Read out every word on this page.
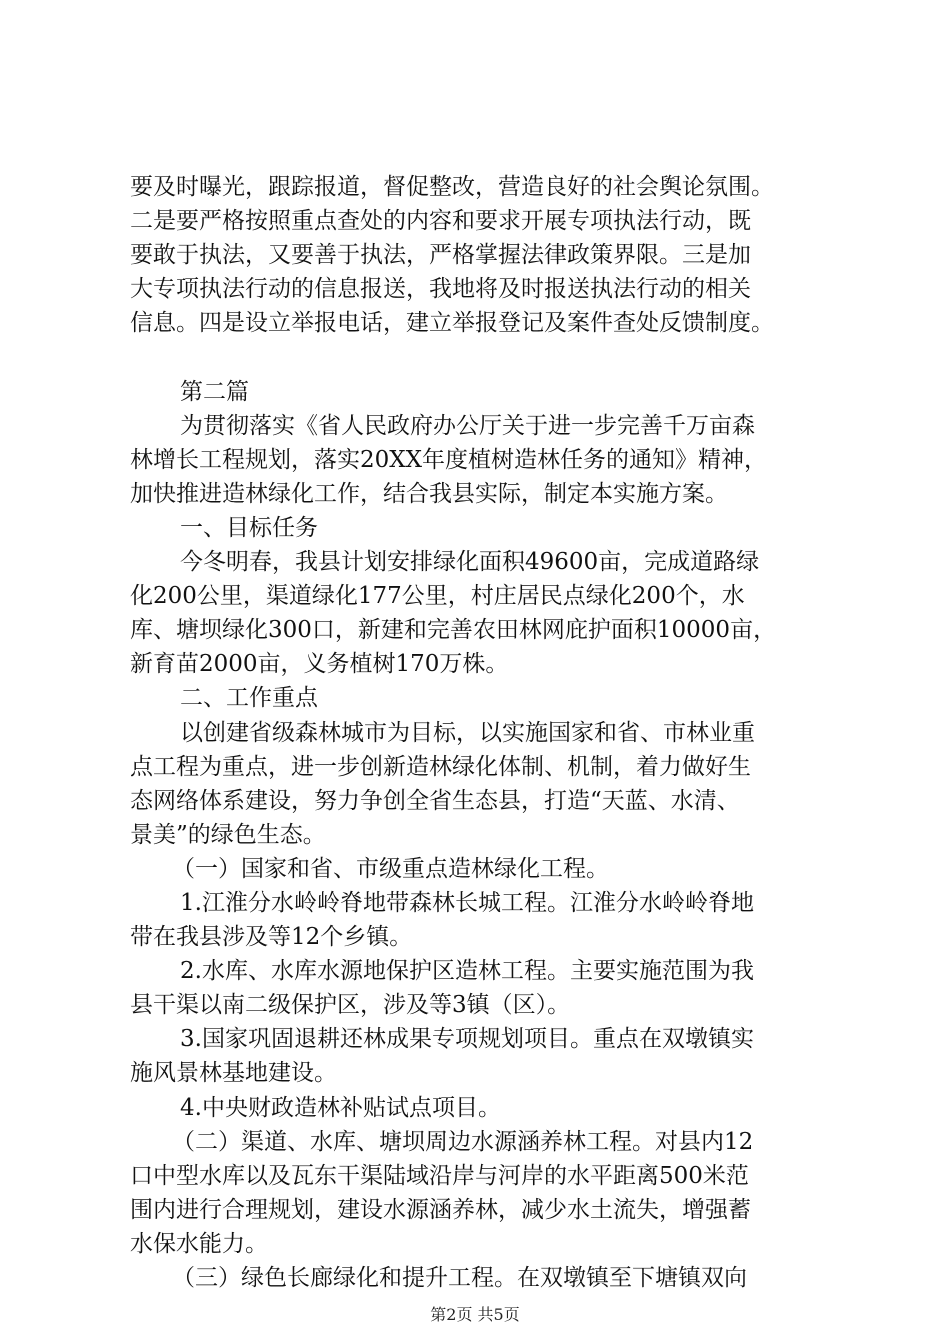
要及时曝光，跟踪报道，督促整改，营造良好的社会舆论氛围。
二是要严格按照重点查处的内容和要求开展专项执法行动，既
要敢于执法，又要善于执法，严格掌握法律政策界限。三是加
大专项执法行动的信息报送，我地将及时报送执法行动的相关
信息。四是设立举报电话，建立举报登记及案件查处反馈制度。
第二篇
为贯彻落实《省人民政府办公厅关于进一步完善千万亩森
林增长工程规划，落实20XX年度植树造林任务的通知》精神，
加快推进造林绿化工作，结合我县实际，制定本实施方案。
一、目标任务
今冬明春，我县计划安排绿化面积49600亩，完成道路绿
化200公里，渠道绿化177公里，村庄居民点绿化200个，水
库、塘坝绿化300口，新建和完善农田林网庇护面积10000亩，
新育苗2000亩，义务植树170万株。
二、工作重点
以创建省级森林城市为目标，以实施国家和省、市林业重
点工程为重点，进一步创新造林绿化体制、机制，着力做好生
态网络体系建设，努力争创全省生态县，打造“天蓝、水清、
景美”的绿色生态。
（一）国家和省、市级重点造林绿化工程。
1.江淮分水岭岭脊地带森林长城工程。江淮分水岭岭脊地
带在我县涉及等12个乡镇。
2.水库、水库水源地保护区造林工程。主要实施范围为我
县干渠以南二级保护区，涉及等3镇（区）。
3.国家巩固退耕还林成果专项规划项目。重点在双墩镇实
施风景林基地建设。
4.中央财政造林补贴试点项目。
（二）渠道、水库、塘坝周边水源涵养林工程。对县内12
口中型水库以及瓦东干渠陆域沿岸与河岸的水平距离500米范
围内进行合理规划，建设水源涵养林，减少水土流失，增强蓄
水保水能力。
（三）绿色长廊绿化和提升工程。在双墩镇至下塘镇双向
第2页 共5页
